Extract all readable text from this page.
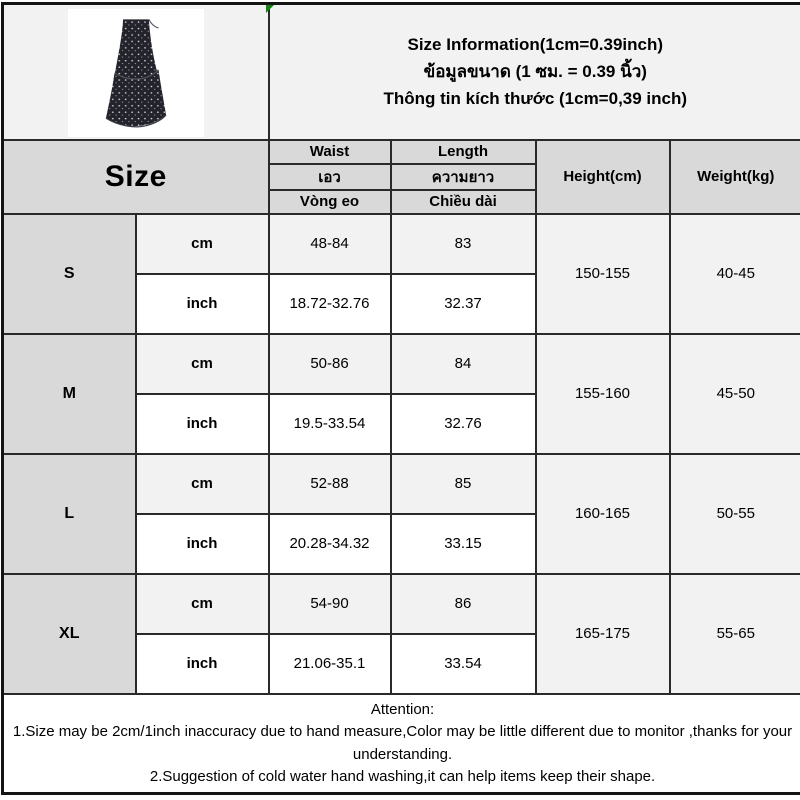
Size Information(1cm=0.39inch)
ข้อมูลขนาด (1 ซม. = 0.39 นิ้ว)
Thông tin kích thước (1cm=0,39 inch)			

Size		Waist	Length	Height(cm)	Weight(kg)
		เอว	ความยาว		
		Vòng eo	Chiều dài		
S	cm	48-84	83	150-155	40-45
	inch	18.72-32.76	32.37		
M	cm	50-86	84	155-160	45-50
	inch	19.5-33.54	32.76		
L	cm	52-88	85	160-165	50-55
	inch	20.28-34.32	33.15		
XL	cm	54-90	86	165-175	55-65
	inch	21.06-35.1	33.54		

Attention:
1.Size may be 2cm/1inch inaccuracy due to hand measure,Color may be little different due to monitor ,thanks for your understanding.
2.Suggestion of cold water hand washing,it can help items keep their shape.					
